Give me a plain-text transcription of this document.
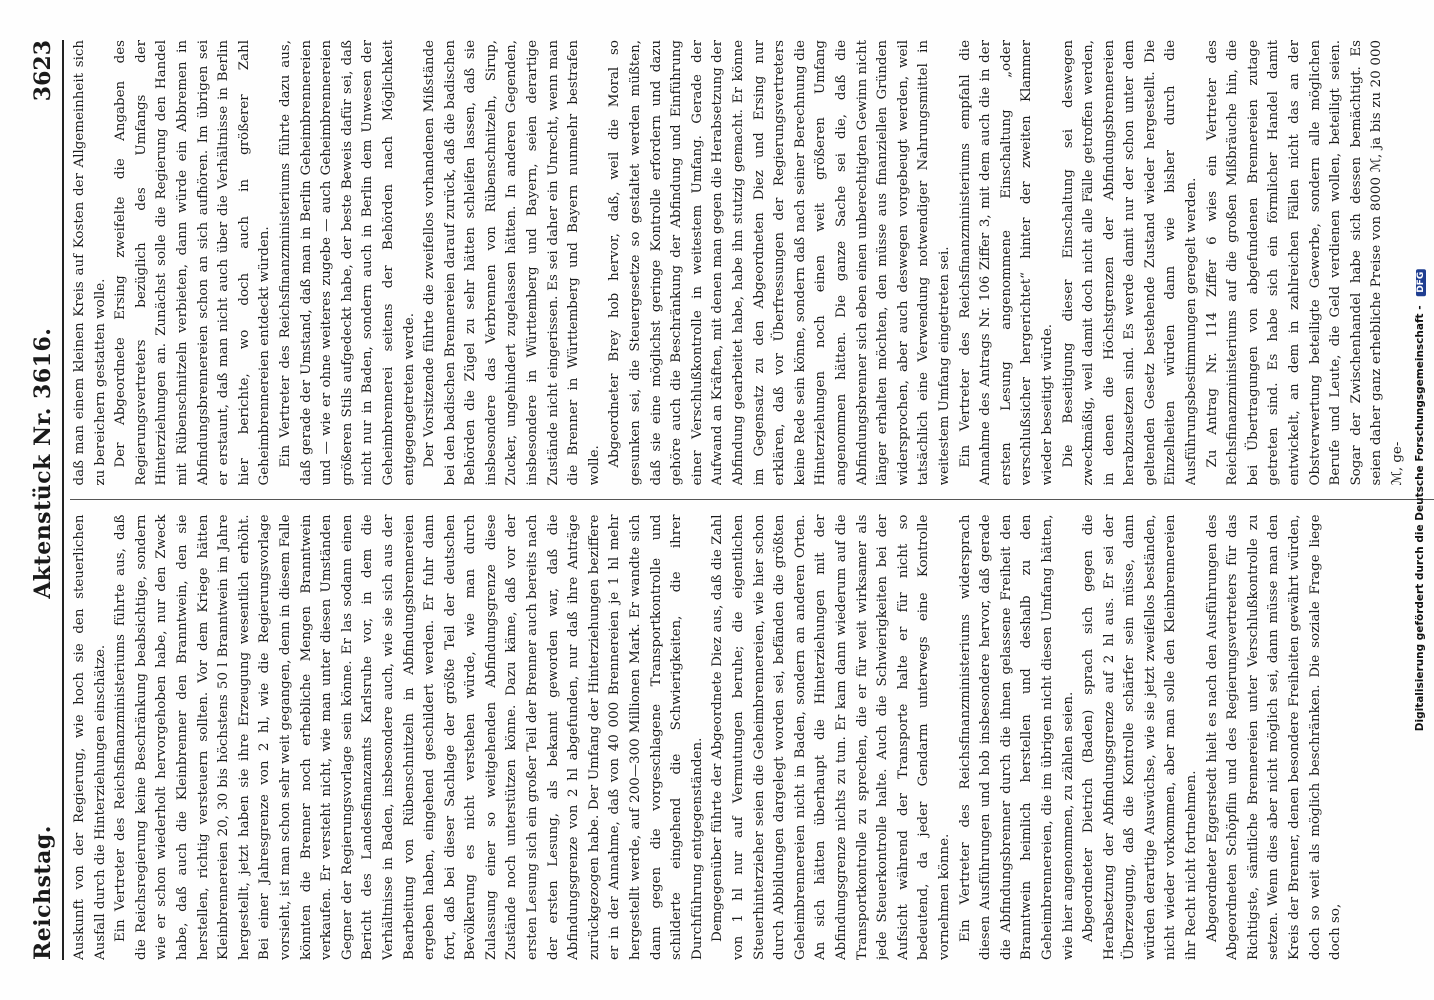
Reichstag.
Aktenstück Nr. 3616.
3623

Auskunft von der Regierung, wie hoch sie den steuerlichen Ausfall durch die Hinterziehungen einschätze. Ein Vertreter des Reichsfinanzministeriums führte aus, daß die Reichsregierung keine Beschränkung beabsichtige, sondern wie er schon wiederholt hervorgehoben habe, nur den Zweck habe, daß auch die Kleinbrenner den Branntwein, den sie herstellen, richtig versteuern sollten. Vor dem Kriege hätten Kleinbrennereien 20, 30 bis höchstens 50 l Branntwein im Jahre hergestellt, jetzt haben sie ihre Erzeugung wesentlich erhöht. Bei einer Jahresgrenze von 2 hl, wie die Regierungsvorlage vorsieht, ist man schon sehr weit gegangen, denn in diesem Falle könnten die Brenner noch erhebliche Mengen Branntwein verkaufen. Er versteht nicht, wie man unter diesen Umständen Gegner der Regierungsvorlage sein könne. Er las sodann einen Bericht des Landesfinanzamts Karlsruhe vor, in dem die Verhältnisse in Baden, insbesondere auch, wie sie sich aus der Bearbeitung von Rübenschnitzeln in Abfindungsbrennereien ergeben haben, eingehend geschildert werden. Er fuhr dann fort, daß bei dieser Sachlage der größte Teil der deutschen Bevölkerung es nicht verstehen würde, wie man durch Zulassung einer so weitgehenden Abfindungsgrenze diese Zustände noch unterstützen könne. Dazu käme, daß vor der ersten Lesung sich ein großer Teil der Brenner auch bereits nach der ersten Lesung, als bekannt geworden war, daß die Abfindungsgrenze von 2 hl abgefunden, nur daß ihre Anträge zurückgezogen habe. Der Umfang der Hinterziehungen beziffere er in der Annahme, daß von 40 000 Brennereien je 1 hl mehr hergestellt werde, auf 200—300 Millionen Mark. Er wandte sich dann gegen die vorgeschlagene Transportkontrolle und schilderte eingehend die Schwierigkeiten, die ihrer Durchführung entgegenständen. Demgegenüber führte der Abgeordnete Diez aus, daß die Zahl von 1 hl nur auf Vermutungen beruhe; die eigentlichen Steuerhinterzieher seien die Geheimbrennereien, wie hier schon durch Abbildungen dargelegt worden sei, befänden die größten Geheimbrennereien nicht in Baden, sondern an anderen Orten. An sich hätten überhaupt die Hinterziehungen mit der Abfindungsgrenze nichts zu tun. Er kam dann wiederum auf die Transportkontrolle zu sprechen, die er für weit wirksamer als jede Steuerkontrolle halte. Auch die Schwierigkeiten bei der Aufsicht während der Transporte halte er für nicht so bedeutend, da jeder Gendarm unterwegs eine Kontrolle vornehmen könne. Ein Vertreter des Reichsfinanzministeriums widersprach diesen Ausführungen und hob insbesondere hervor, daß gerade die Abfindungsbrenner durch die ihnen gelassene Freiheit den Branntwein heimlich herstellen und deshalb zu den Geheimbrennereien, die im übrigen nicht diesen Umfang hätten, wie hier angenommen, zu zählen seien. Abgeordneter Dietrich (Baden) sprach sich gegen die Herabsetzung der Abfindungsgrenze auf 2 hl aus. Er sei der Überzeugung, daß die Kontrolle schärfer sein müsse, dann würden derartige Auswüchse, wie sie jetzt zweifellos beständen, nicht wieder vorkommen, aber man solle den Kleinbrennereien ihr Recht nicht fortnehmen. Abgeordneter Eggerstedt hielt es nach den Ausführungen des Abgeordneten Schöpflin und des Regierungsvertreters für das Richtigste, sämtliche Brennereien unter Verschlußkontrolle zu setzen. Wenn dies aber nicht möglich sei, dann müsse man den Kreis der Brenner, denen besondere Freiheiten gewährt würden, doch so weit als möglich beschränken. Die soziale Frage liege doch so,

daß man einem kleinen Kreis auf Kosten der Allgemeinheit sich zu bereichern gestatten wolle. Der Abgeordnete Ersing zweifelte die Angaben des Regierungsvertreters bezüglich des Umfangs der Hinterziehungen an. Zunächst solle die Regierung den Handel mit Rübenschnitzeln verbieten, dann würde ein Abbremen in Abfindungsbrennereien schon an sich aufhören. Im übrigen sei er erstaunt, daß man nicht auch über die Verhältnisse in Berlin hier berichte, wo doch auch in größerer Zahl Geheimbrennereien entdeckt würden. Ein Vertreter des Reichsfinanzministeriums führte dazu aus, daß gerade der Umstand, daß man in Berlin Geheimbrennereien und — wie er ohne weiteres zugebe — auch Geheimbrennereien größeren Stils aufgedeckt habe, der beste Beweis dafür sei, daß nicht nur in Baden, sondern auch in Berlin dem Unwesen der Geheimbrennerei seitens der Behörden nach Möglichkeit entgegengetreten werde. Der Vorsitzende führte die zweifellos vorhandenen Mißstände bei den badischen Brennereien darauf zurück, daß die badischen Behörden die Zügel zu sehr hätten schleifen lassen, daß sie insbesondere das Verbrennen von Rübenschnitzeln, Sirup, Zucker, ungehindert zugelassen hätten. In anderen Gegenden, insbesondere in Württemberg und Bayern, seien derartige Zustände nicht eingerissen. Es sei daher ein Unrecht, wenn man die Brenner in Württemberg und Bayern nunmehr bestrafen wolle. Abgeordneter Brey hob hervor, daß, weil die Moral so gesunken sei, die Steuergesetze so gestaltet werden müßten, daß sie eine möglichst geringe Kontrolle erfordern und dazu gehöre auch die Beschränkung der Abfindung und Einführung einer Verschlußkontrolle in weitestem Umfang. Gerade der Aufwand an Kräften, mit denen man gegen die Herabsetzung der Abfindung gearbeitet habe, habe ihn stutzig gemacht. Er könne im Gegensatz zu den Abgeordneten Diez und Ersing nur erklären, daß vor Überfressungen der Regierungsvertreters keine Rede sein könne, sondern daß nach seiner Berechnung die Hinterziehungen noch einen weit größeren Umfang angenommen hätten. Die ganze Sache sei die, daß die Abfindungsbrenner sich eben einen unberechtigten Gewinn nicht länger erhalten möchten, den müsse aus finanziellen Gründen widersprochen, aber auch deswegen vorgebeugt werden, weil tatsächlich eine Verwendung notwendiger Nahrungsmittel in weitestem Umfang eingetreten sei. Ein Vertreter des Reichsfinanzministeriums empfahl die Annahme des Antrags Nr. 106 Ziffer 3, mit dem auch die in der ersten Lesung angenommene Einschaltung „oder verschlußsicher hergerichtet“ hinter der zweiten Klammer wieder beseitigt würde. Die Beseitigung dieser Einschaltung sei deswegen zweckmäßig, weil damit doch nicht alle Fälle getroffen werden, in denen die Höchstgrenzen der Abfindungsbrennereien herabzusetzen sind. Es werde damit nur der schon unter dem geltenden Gesetz bestehende Zustand wieder hergestellt. Die Einzelheiten würden dann wie bisher durch die Ausführungsbestimmungen geregelt werden. Zu Antrag Nr. 114 Ziffer 6 wies ein Vertreter des Reichsfinanzministeriums auf die großen Mißbräuche hin, die bei Übertragungen von abgefundenen Brennereien zutage getreten sind. Es habe sich ein förmlicher Handel damit entwickelt, an dem in zahlreichen Fällen nicht das an der Obstverwertung beteiligte Gewerbe, sondern alle möglichen Berufe und Leute, die Geld verdienen wollen, beteiligt seien. Sogar der Zwischenhandel habe sich dessen bemächtigt. Es seien daher ganz erhebliche Preise von 8000 ℳ, ja bis zu 20 000 ℳ, ge- Digitalisierung gefördert durch die Deutsche Forschungsgemeinschaft - DFG
